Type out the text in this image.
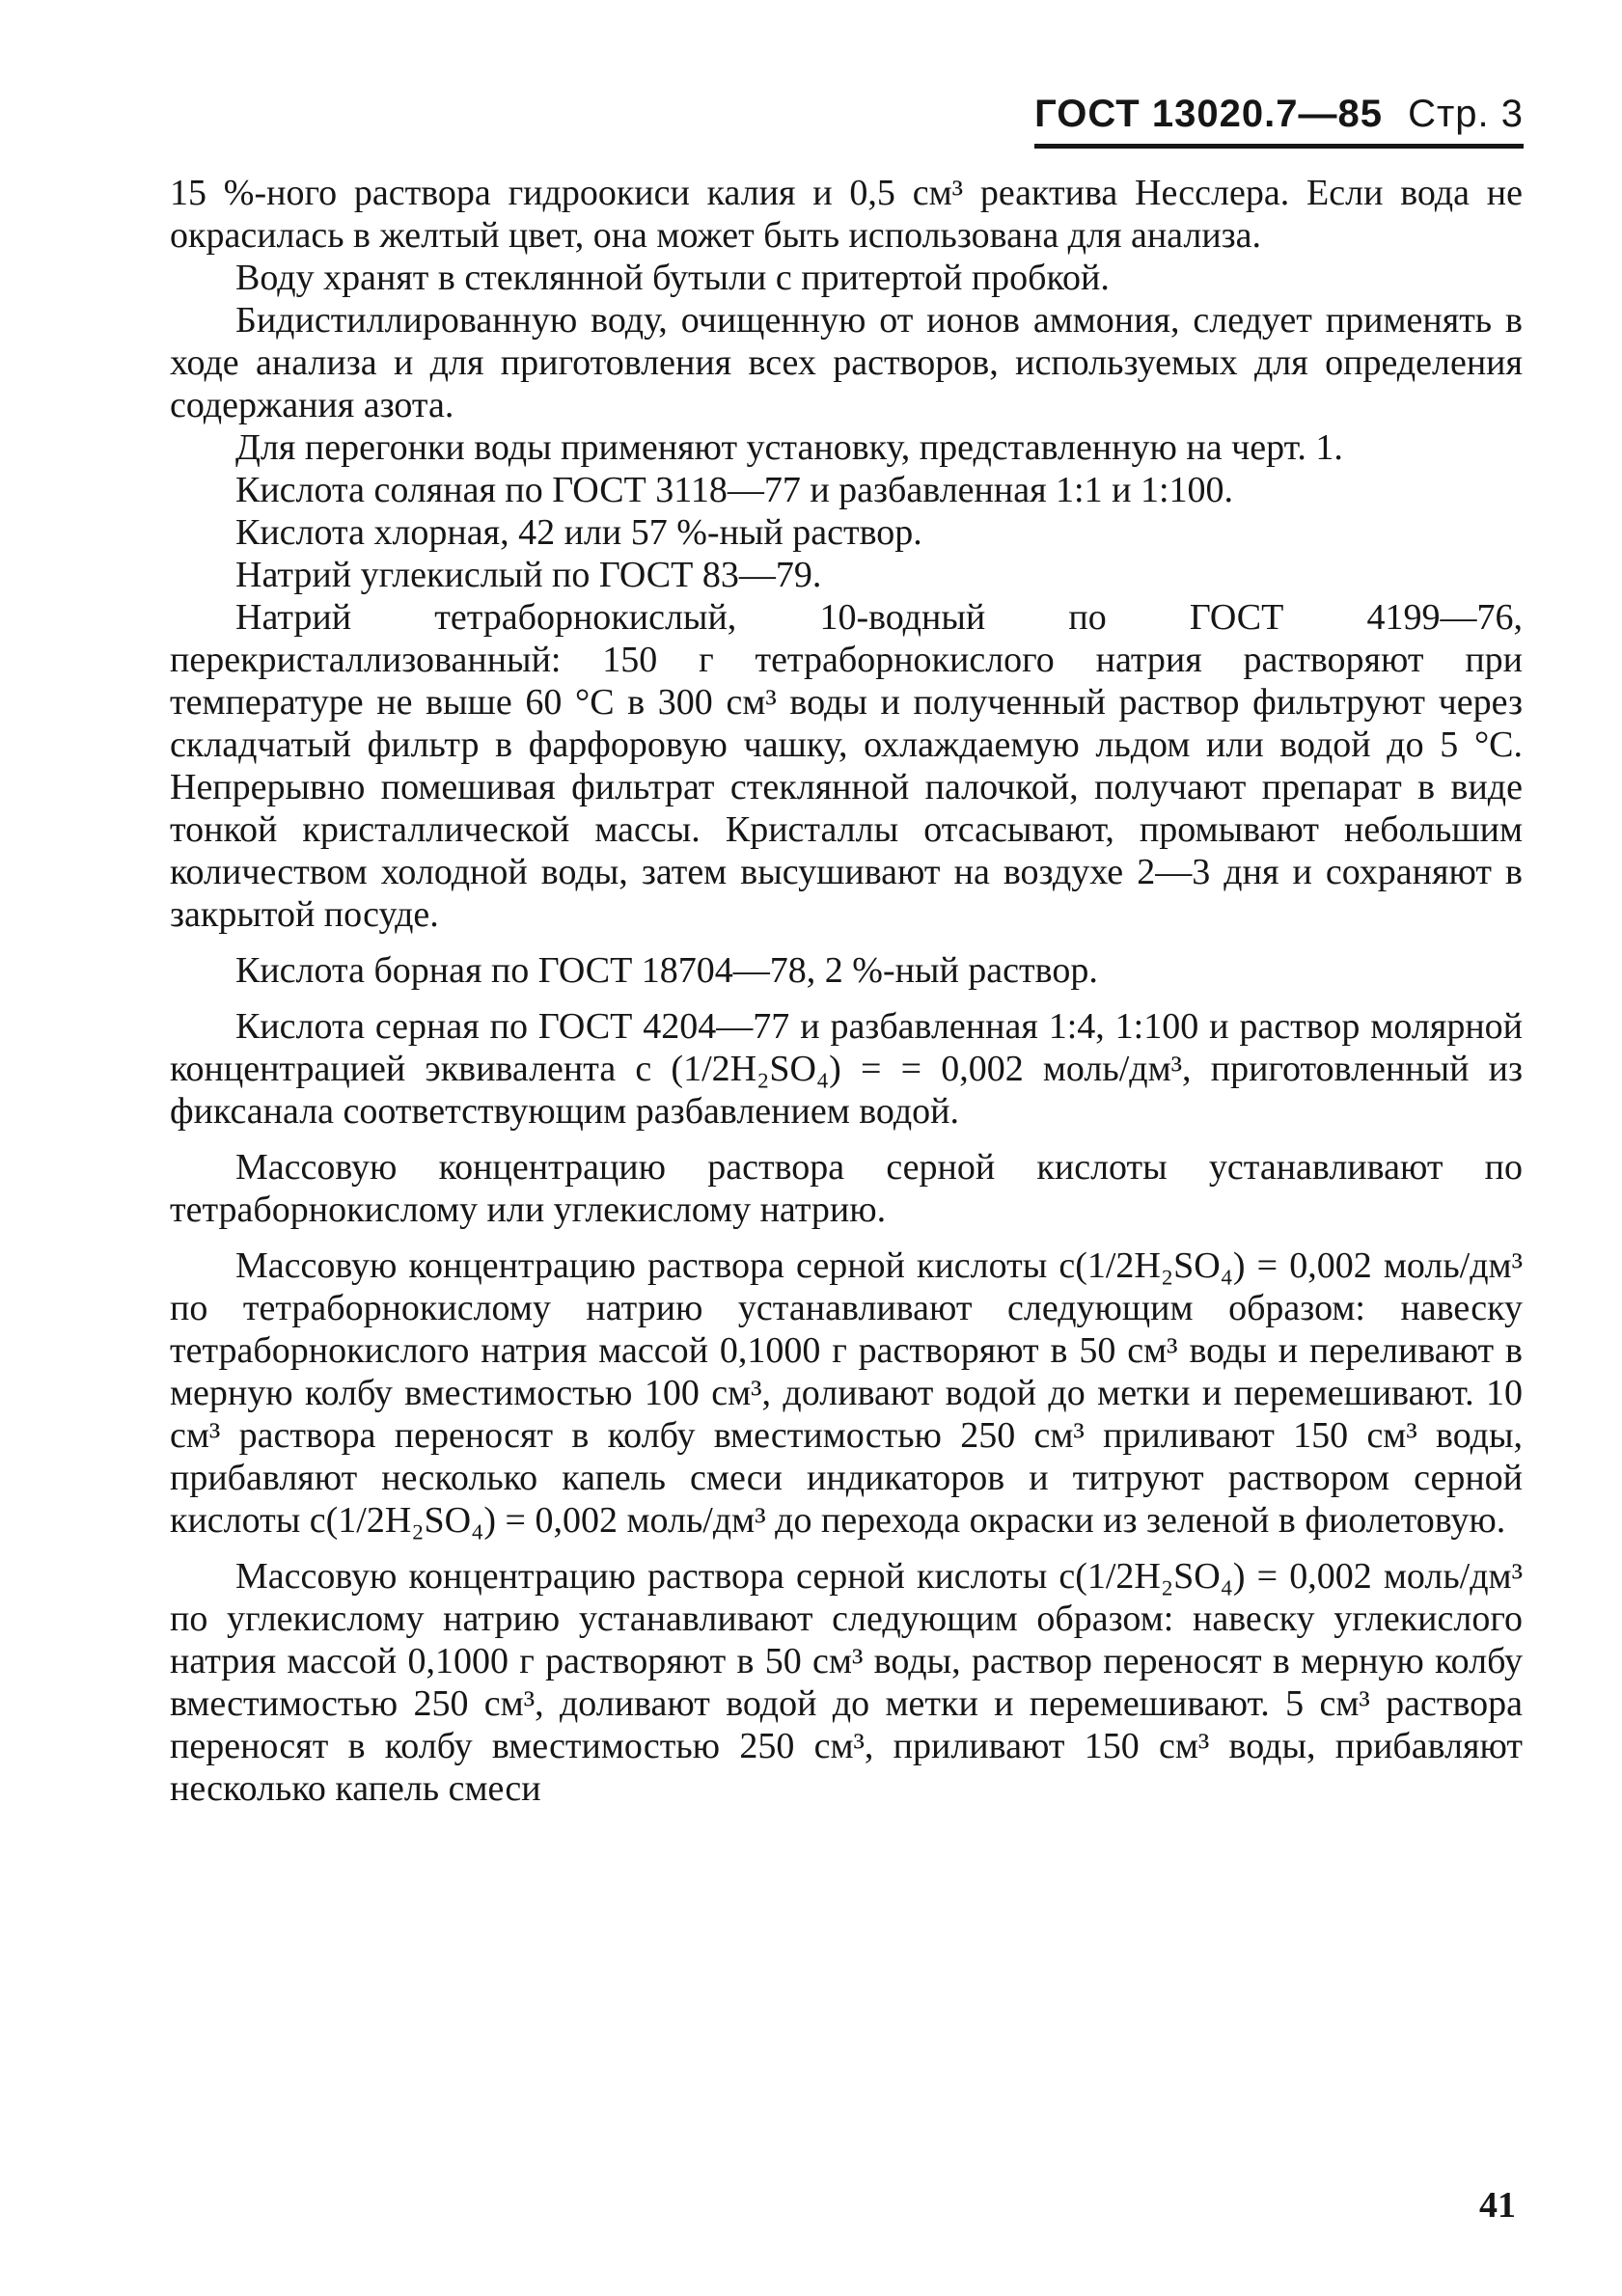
ГОСТ 13020.7—85 Стр. 3

15 %-ного раствора гидроокиси калия и 0,5 см³ реактива Несслера. Если вода не окрасилась в желтый цвет, она может быть использована для анализа.

Воду хранят в стеклянной бутыли с притертой пробкой.

Бидистиллированную воду, очищенную от ионов аммония, следует применять в ходе анализа и для приготовления всех растворов, используемых для определения содержания азота.

Для перегонки воды применяют установку, представленную на черт. 1.

Кислота соляная по ГОСТ 3118—77 и разбавленная 1:1 и 1:100.

Кислота хлорная, 42 или 57 %-ный раствор.

Натрий углекислый по ГОСТ 83—79.

Натрий тетраборнокислый, 10-водный по ГОСТ 4199—76, перекристаллизованный: 150 г тетраборнокислого натрия растворяют при температуре не выше 60 °С в 300 см³ воды и полученный раствор фильтруют через складчатый фильтр в фарфоровую чашку, охлаждаемую льдом или водой до 5 °С. Непрерывно помешивая фильтрат стеклянной палочкой, получают препарат в виде тонкой кристаллической массы. Кристаллы отсасывают, промывают небольшим количеством холодной воды, затем высушивают на воздухе 2—3 дня и сохраняют в закрытой посуде.

Кислота борная по ГОСТ 18704—78, 2 %-ный раствор.

Кислота серная по ГОСТ 4204—77 и разбавленная 1:4, 1:100 и раствор молярной концентрацией эквивалента c (1/2H₂SO₄) = = 0,002 моль/дм³, приготовленный из фиксанала соответствующим разбавлением водой.

Массовую концентрацию раствора серной кислоты устанавливают по тетраборнокислому или углекислому натрию.

Массовую концентрацию раствора серной кислоты c(1/2H₂SO₄) = 0,002 моль/дм³ по тетраборнокислому натрию устанавливают следующим образом: навеску тетраборнокислого натрия массой 0,1000 г растворяют в 50 см³ воды и переливают в мерную колбу вместимостью 100 см³, доливают водой до метки и перемешивают. 10 см³ раствора переносят в колбу вместимостью 250 см³ приливают 150 см³ воды, прибавляют несколько капель смеси индикаторов и титруют раствором серной кислоты c(1/2H₂SO₄) = 0,002 моль/дм³ до перехода окраски из зеленой в фиолетовую.

Массовую концентрацию раствора серной кислоты c(1/2H₂SO₄) = 0,002 моль/дм³ по углекислому натрию устанавливают следующим образом: навеску углекислого натрия массой 0,1000 г растворяют в 50 см³ воды, раствор переносят в мерную колбу вместимостью 250 см³, доливают водой до метки и перемешивают. 5 см³ раствора переносят в колбу вместимостью 250 см³, приливают 150 см³ воды, прибавляют несколько капель смеси

41
